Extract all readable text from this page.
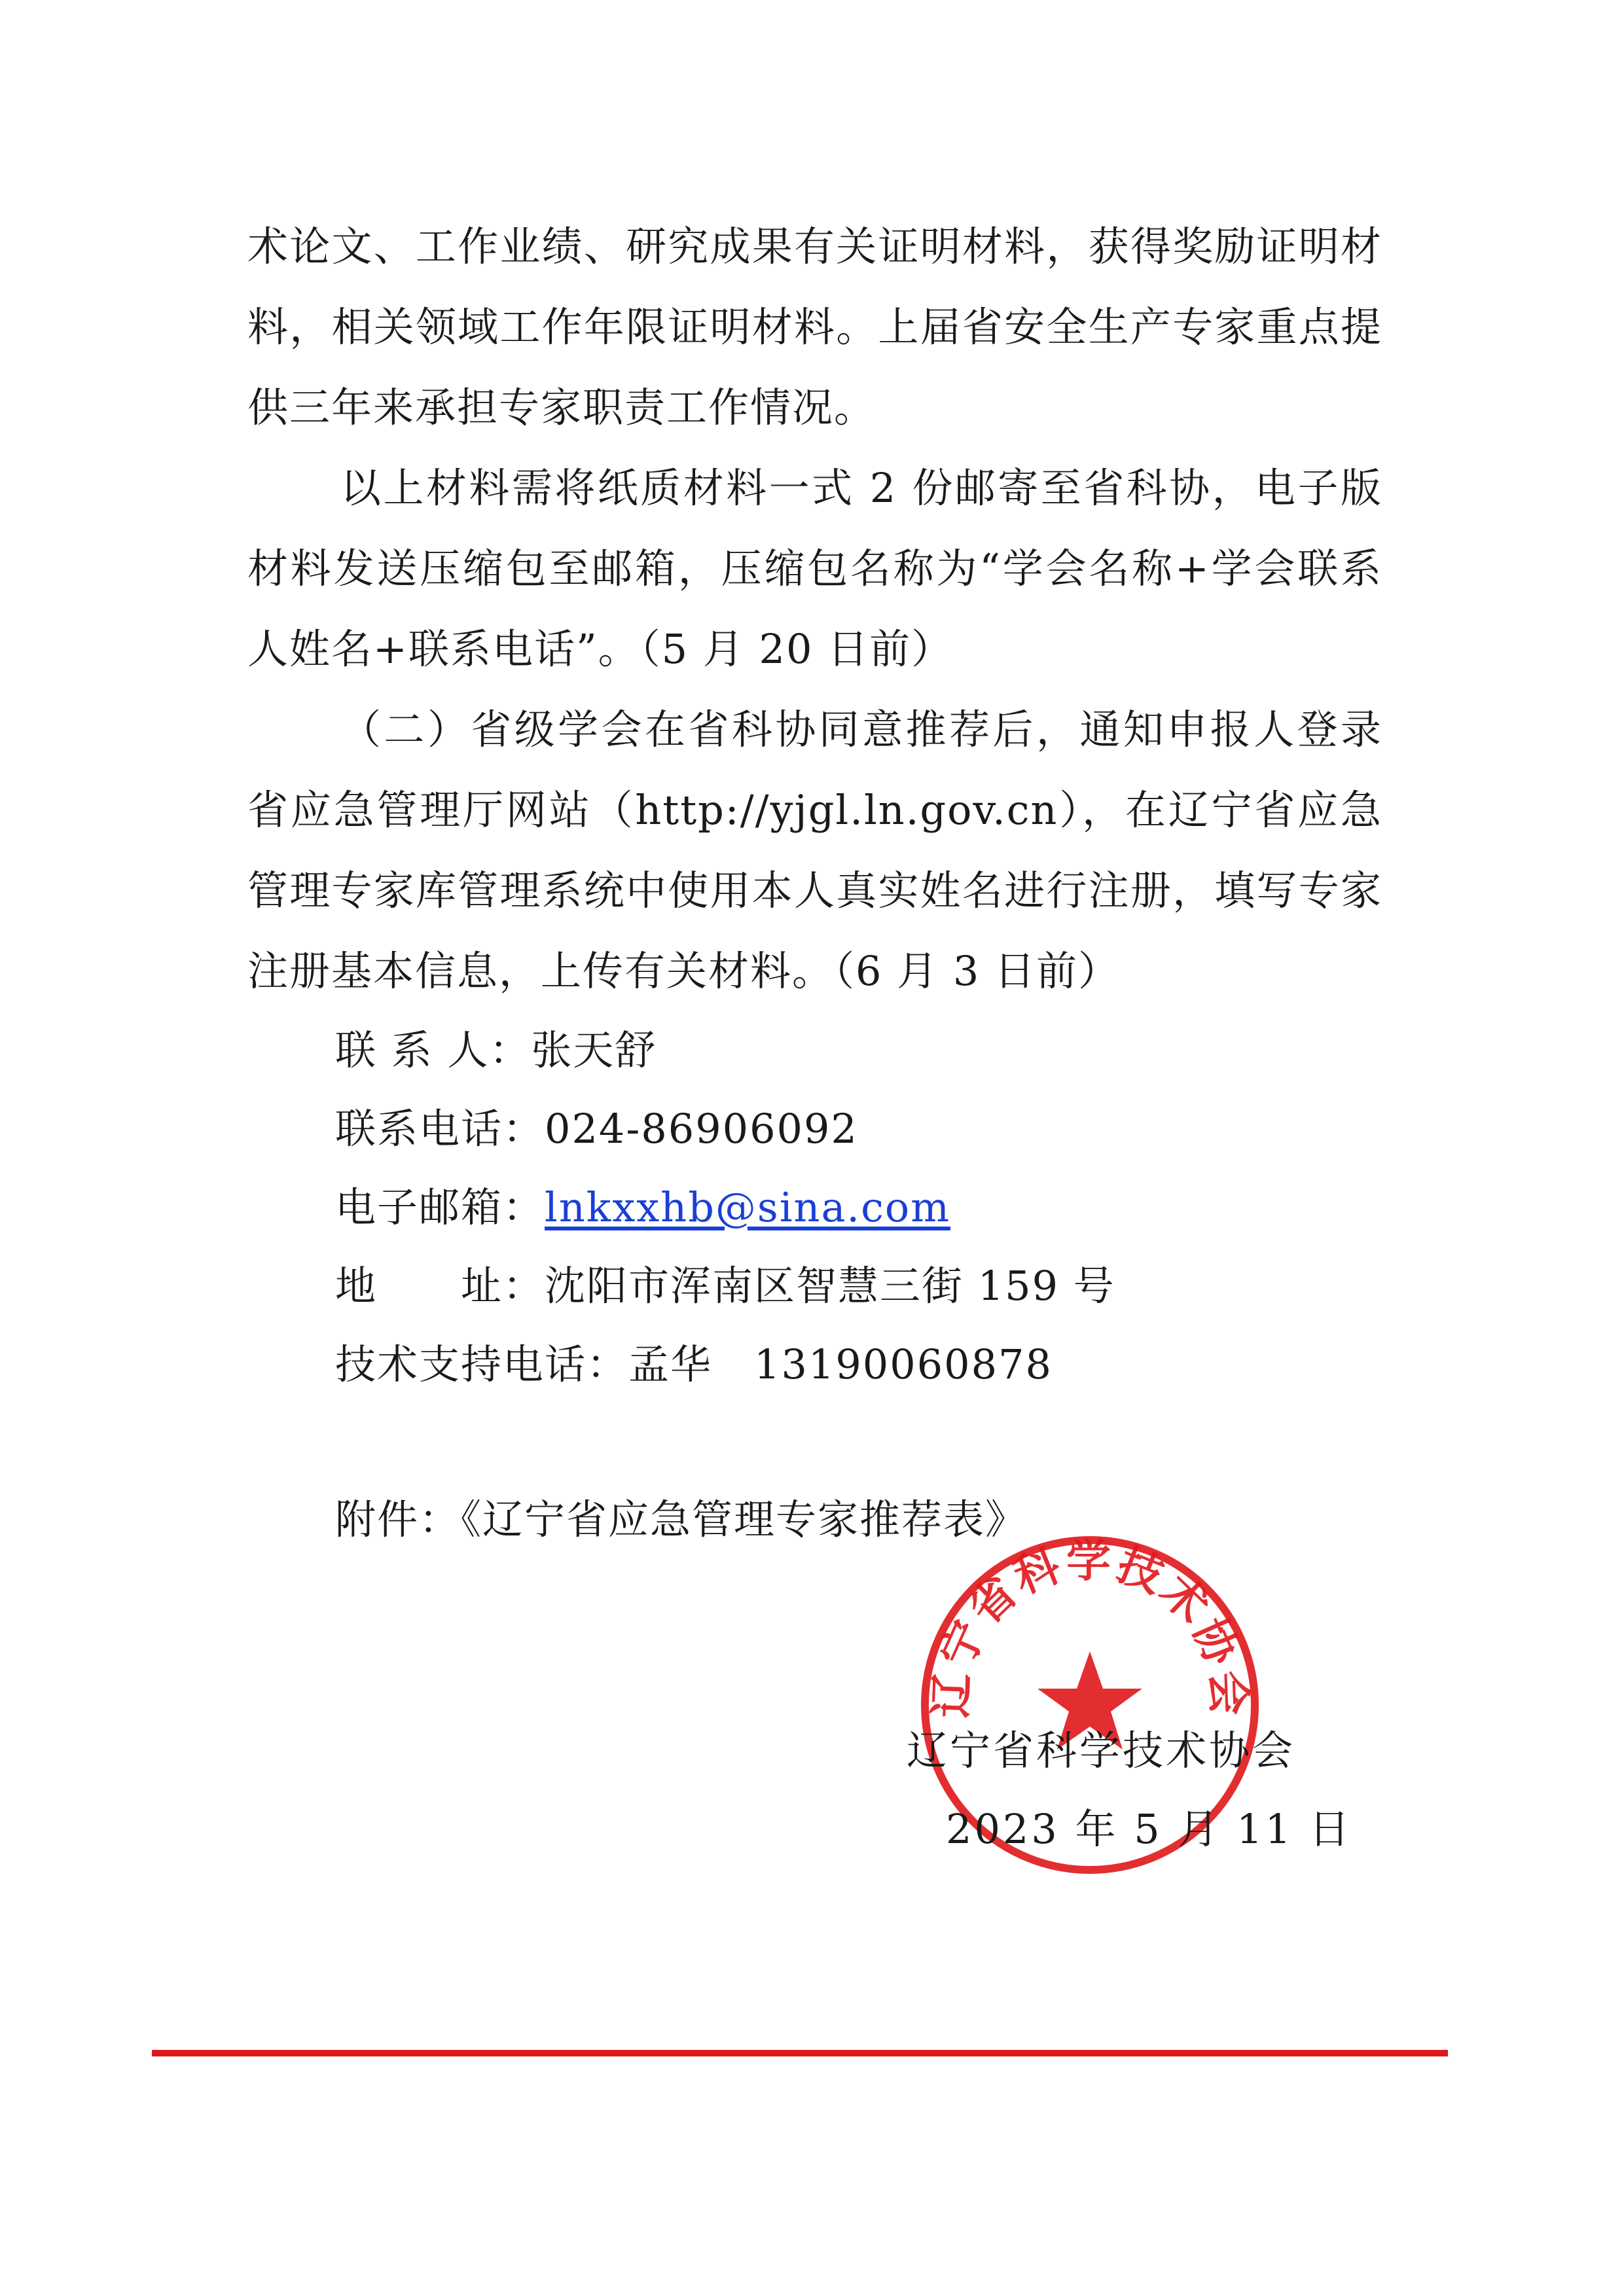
术论文、工作业绩、研究成果有关证明材料，获得奖励证明材料，相关领域工作年限证明材料。上届省安全生产专家重点提供三年来承担专家职责工作情况。

以上材料需将纸质材料一式 2 份邮寄至省科协，电子版材料发送压缩包至邮箱，压缩包名称为“学会名称+学会联系人姓名+联系电话”。（5 月 20 日前）

（二）省级学会在省科协同意推荐后，通知申报人登录省应急管理厅网站（http://yjgl.ln.gov.cn），在辽宁省应急管理专家库管理系统中使用本人真实姓名进行注册，填写专家注册基本信息，上传有关材料。（6 月 3 日前）

联 系 人：张天舒
联系电话：024-86906092
电子邮箱：lnkxxhb@sina.com
地　　址：沈阳市浑南区智慧三街 159 号
技术支持电话：孟华　13190060878
附件：《辽宁省应急管理专家推荐表》
辽宁省科学技术协会
辽宁省科学技术协会
2023 年 5 月 11 日
